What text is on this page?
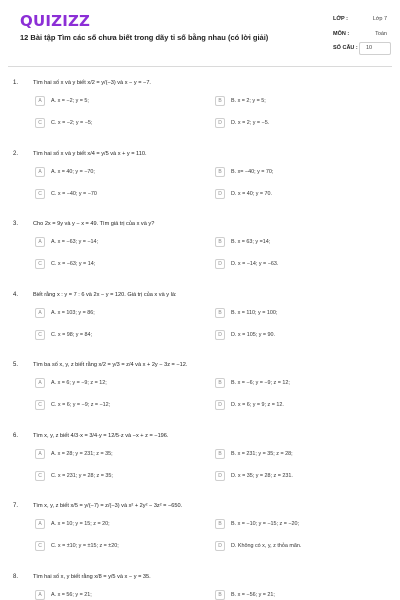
QUIZIZZ
12 Bài tập Tìm các số chưa biết trong dãy tỉ số bằng nhau (có lời giải)
LỚP :	Lớp 7
MÔN :	Toán
SỐ CÂU : 10
1.	Tìm hai số x và y biết x/2 = y/(−3) và x − y = −7.
A	A. x = −2; y = 5;	B	B. x = 2; y = 5;
C	C. x = −2; y = −5;	D	D. x = 2; y = −5.
2.	Tìm hai số x và y biết x/4 = y/5 và x + y = 110.
A	A. x = 40; y = −70;	B	B. x= −40; y = 70;
C	C. x = −40; y = −70	D	D. x = 40; y = 70.
3.	Cho 2x = 9y và y − x = 49. Tìm giá trị của x và y?
A	A. x = −63; y = −14;	B	B. x = 63; y =14;
C	C. x = −63; y = 14;	D	D. x = −14; y = −63.
4.	Biết rằng x : y = 7 : 6 và 2x − y = 120. Giá trị của x và y là:
A	A. x = 103; y = 86;	B	B. x = 110; y = 100;
C	C. x = 98; y = 84;	D	D. x = 105; y = 90.
5.	Tìm ba số x, y, z biết rằng x/2 = y/3 = z/4 và x + 2y − 3z = −12.
A	A. x = 6; y = −9; z = 12;	B	B. x = −6; y = −9; z = 12;
C	C. x = 6; y = −9; z = −12;	D	D. x = 6; y = 9; z = 12.
6.	Tìm x, y, z biết 4/3·x = 3/4·y = 12/5·z và −x + z = −196.
A	A. x = 28; y = 231; z = 35;	B	B. x = 231; y = 35; z = 28;
C	C. x = 231; y = 28; z = 35;	D	D. x = 35; y = 28; z = 231.
7.	Tìm x, y, z biết x/5 = y/(−7) = z/(−3) và x² + 2y² − 3z² = −650.
A	A. x = 10; y = 15; z = 20;	B	B. x = −10; y = −15; z = −20;
C	C. x = ±10; y = ±15; z = ±20;	D	D. Không có x, y, z thỏa mãn.
8.	Tìm hai số x, y biết rằng x/8 = y/5 và x − y = 35.
A	A. x = 56; y = 21;	B	B. x = −56; y = 21;
